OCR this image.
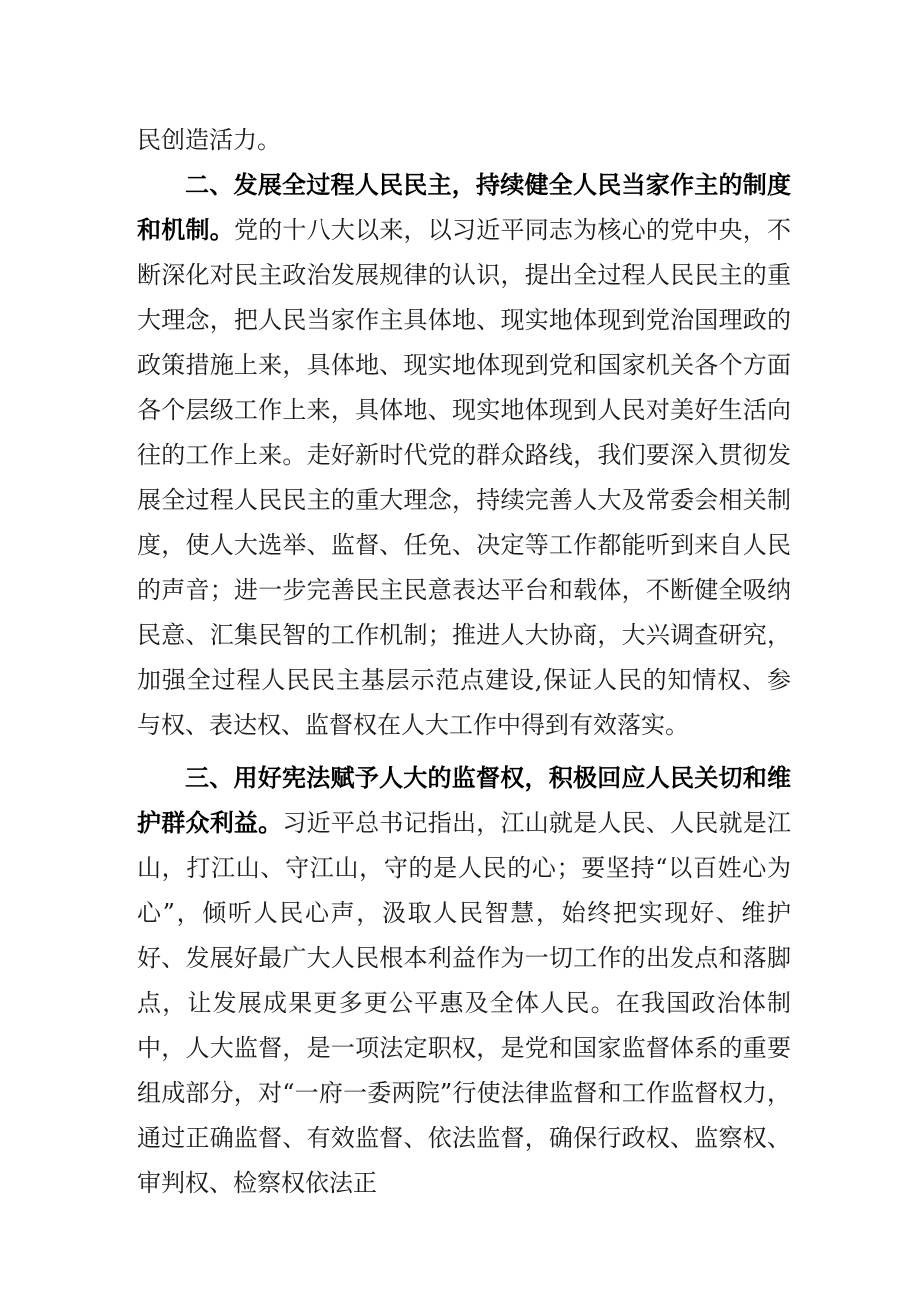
民创造活力。

二、发展全过程人民民主，持续健全人民当家作主的制度和机制。党的十八大以来，以习近平同志为核心的党中央，不断深化对民主政治发展规律的认识，提出全过程人民民主的重大理念，把人民当家作主具体地、现实地体现到党治国理政的政策措施上来，具体地、现实地体现到党和国家机关各个方面各个层级工作上来，具体地、现实地体现到人民对美好生活向往的工作上来。走好新时代党的群众路线，我们要深入贯彻发展全过程人民民主的重大理念，持续完善人大及常委会相关制度，使人大选举、监督、任免、决定等工作都能听到来自人民的声音；进一步完善民主民意表达平台和载体，不断健全吸纳民意、汇集民智的工作机制；推进人大协商，大兴调查研究，加强全过程人民民主基层示范点建设,保证人民的知情权、参与权、表达权、监督权在人大工作中得到有效落实。

三、用好宪法赋予人大的监督权，积极回应人民关切和维护群众利益。习近平总书记指出，江山就是人民、人民就是江山，打江山、守江山，守的是人民的心；要坚持“以百姓心为心”，倾听人民心声，汲取人民智慧，始终把实现好、维护好、发展好最广大人民根本利益作为一切工作的出发点和落脚点，让发展成果更多更公平惠及全体人民。在我国政治体制中，人大监督，是一项法定职权，是党和国家监督体系的重要组成部分，对“一府一委两院”行使法律监督和工作监督权力，通过正确监督、有效监督、依法监督，确保行政权、监察权、审判权、检察权依法正
